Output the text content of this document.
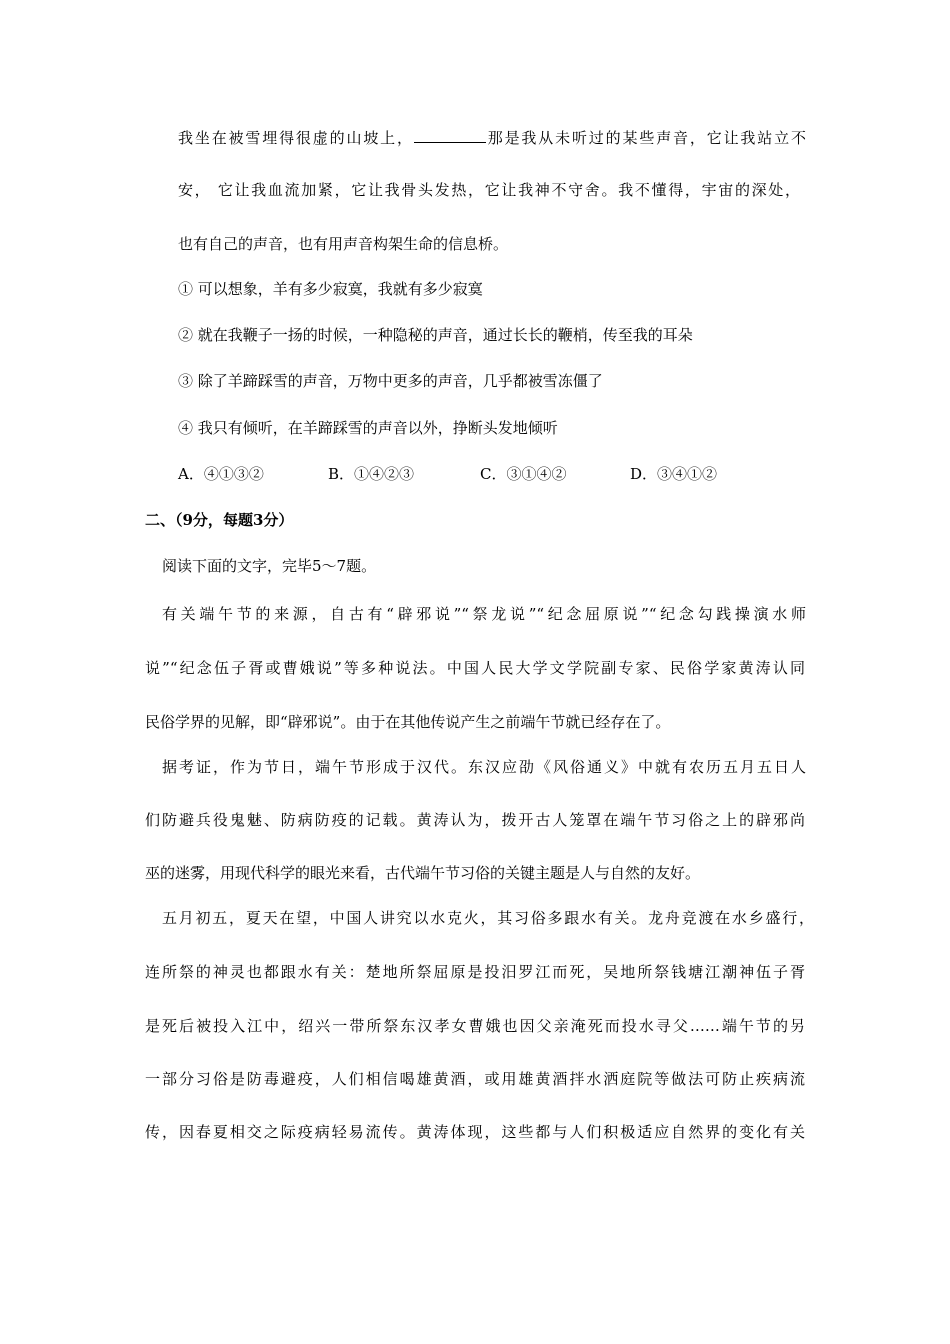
我坐在被雪埋得很虚的山坡上，	那是我从未听过的某些声音，它让我站立不
安， 它让我血流加紧，它让我骨头发热，它让我神不守舍。我不懂得，宇宙的深处，
也有自己的声音，也有用声音构架生命的信息桥。
① 可以想象，羊有多少寂寞，我就有多少寂寞
② 就在我鞭子一扬的时候，一种隐秘的声音，通过长长的鞭梢，传至我的耳朵
③ 除了羊蹄踩雪的声音，万物中更多的声音，几乎都被雪冻僵了
④ 我只有倾听，在羊蹄踩雪的声音以外，挣断头发地倾听
A．④①③②	B．①④②③	C．③①④②	D．③④①②
二、（9分，每题3分）
阅读下面的文字，完毕5～7题。
有关端午节的来源，自古有“辟邪说”“祭龙说”“纪念屈原说”“纪念勾践操演水师
说”“纪念伍子胥或曹娥说”等多种说法。中国人民大学文学院副专家、民俗学家黄涛认同
民俗学界的见解，即“辟邪说”。由于在其他传说产生之前端午节就已经存在了。
据考证，作为节日，端午节形成于汉代。东汉应劭《风俗通义》中就有农历五月五日人
们防避兵役鬼魅、防病防疫的记载。黄涛认为，拨开古人笼罩在端午节习俗之上的辟邪尚
巫的迷雾，用现代科学的眼光来看，古代端午节习俗的关键主题是人与自然的友好。
五月初五，夏天在望，中国人讲究以水克火，其习俗多跟水有关。龙舟竞渡在水乡盛行，
连所祭的神灵也都跟水有关：楚地所祭屈原是投汨罗江而死，吴地所祭钱塘江潮神伍子胥
是死后被投入江中，绍兴一带所祭东汉孝女曹娥也因父亲淹死而投水寻父……端午节的另
一部分习俗是防毒避疫，人们相信喝雄黄酒，或用雄黄酒拌水洒庭院等做法可防止疾病流
传，因春夏相交之际疫病轻易流传。黄涛体现，这些都与人们积极适应自然界的变化有关
